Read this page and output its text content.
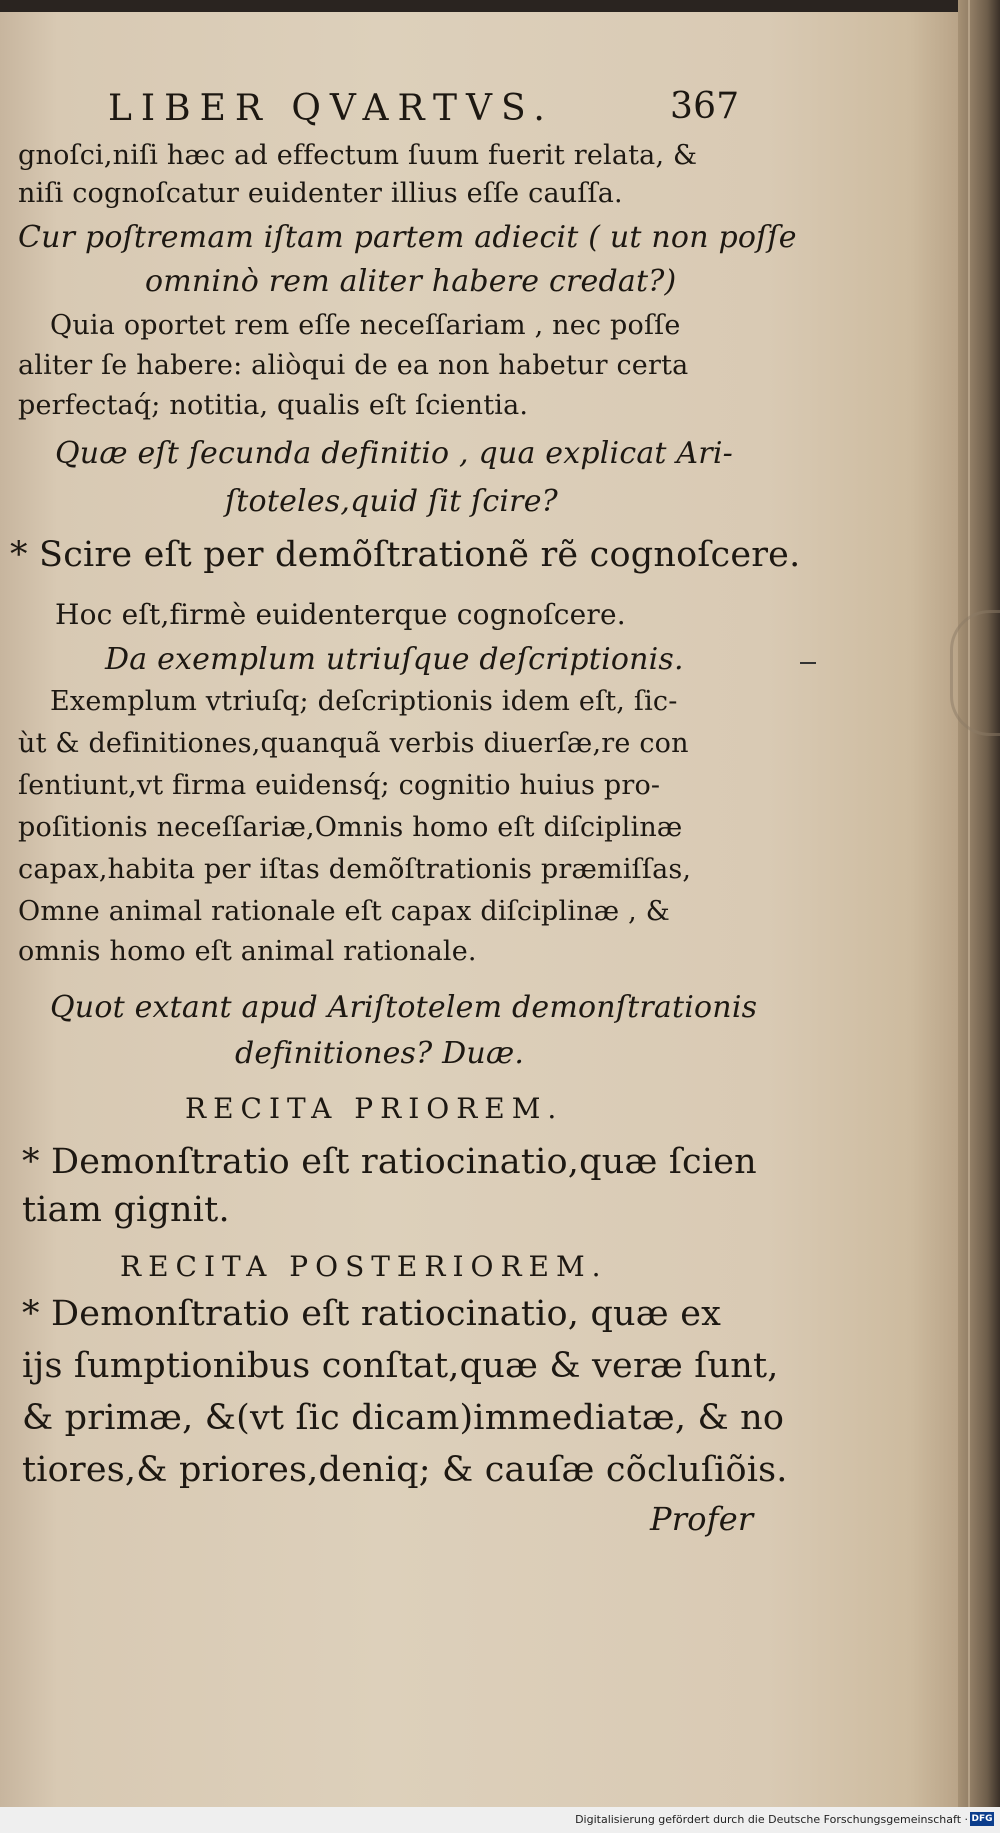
LIBER QVARTVS.	367
gnoſci,niſi hæc ad effectum ſuum fuerit relata, &
niſi cognoſcatur euidenter illius eſſe cauſſa.
Cur poſtremam iſtam partem adiecit ( ut non poſſe
omninò rem aliter habere credat?)
Quia oportet rem eſſe neceſſariam , nec poſſe
aliter ſe habere: aliòqui de ea non habetur certa
perfectaq́; notitia, qualis eſt ſcientia.
Quæ eſt ſecunda definitio , qua explicat Ari-
ſtoteles,quid ſit ſcire?
* Scire eſt per demõſtrationẽ rẽ cognoſcere.
Hoc eſt,firmè euidenterque cognoſcere.
Da exemplum utriuſque deſcriptionis.
Exemplum vtriuſq; deſcriptionis idem eſt, ſic-
ùt & definitiones,quanquã verbis diuerſæ,re con
ſentiunt,vt firma euidensq́; cognitio huius pro-
poſitionis neceſſariæ,Omnis homo eſt diſciplinæ
capax,habita per iſtas demõſtrationis præmiſſas,
Omne animal rationale eſt capax diſciplinæ , &
omnis homo eſt animal rationale.
Quot extant apud Ariſtotelem demonſtrationis
definitiones? Duæ.
RECITA PRIOREM.
* Demonſtratio eſt ratiocinatio,quæ ſcien
tiam gignit.
RECITA POSTERIOREM.
* Demonſtratio eſt ratiocinatio, quæ ex
ijs ſumptionibus conſtat,quæ & veræ ſunt,
& primæ, &(vt ſic dicam)immediatæ, & no
tiores,& priores,deniq; & cauſæ cõcluſiõis.
Profer
Digitalisierung gefördert durch die Deutsche Forschungsgemeinschaft · DFG
